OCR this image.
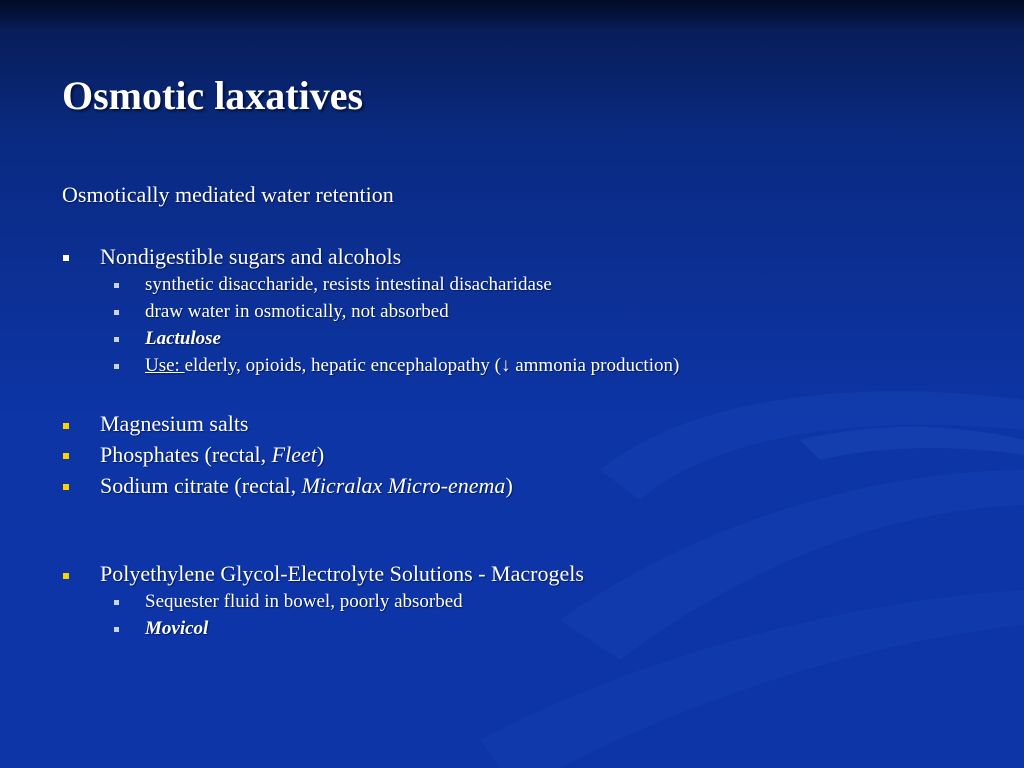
Osmotic laxatives
Osmotically mediated water retention
Nondigestible sugars and alcohols
synthetic disaccharide, resists intestinal disacharidase
draw water in osmotically, not absorbed
Lactulose
Use: elderly, opioids, hepatic encephalopathy (↓ ammonia production)
Magnesium salts
Phosphates (rectal, Fleet)
Sodium citrate (rectal, Micralax Micro-enema)
Polyethylene Glycol-Electrolyte Solutions - Macrogels
Sequester fluid in bowel, poorly absorbed
Movicol
